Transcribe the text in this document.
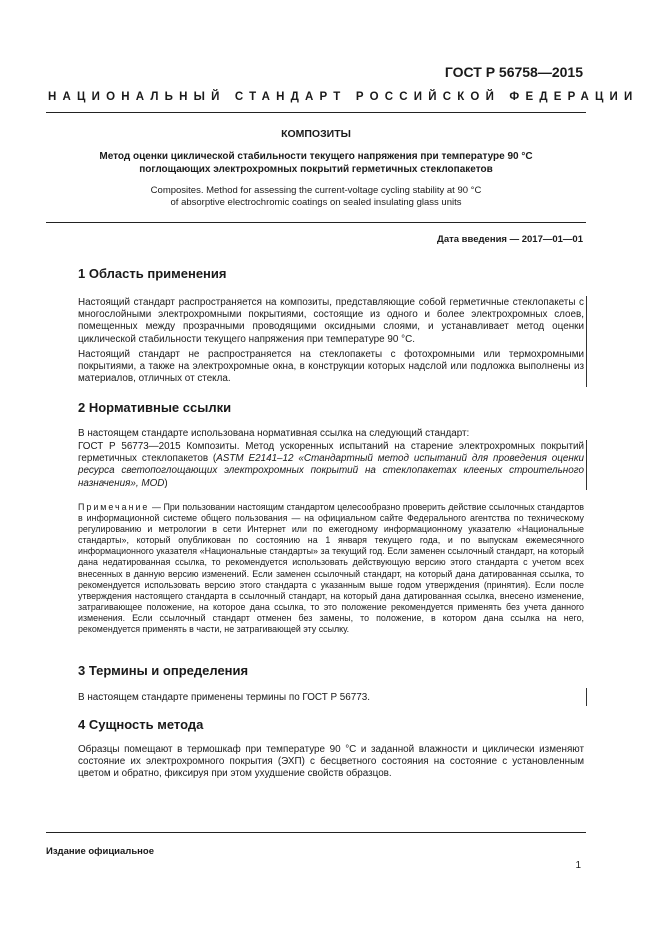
ГОСТ Р 56758—2015
НАЦИОНАЛЬНЫЙ СТАНДАРТ РОССИЙСКОЙ ФЕДЕРАЦИИ
КОМПОЗИТЫ
Метод оценки циклической стабильности текущего напряжения при температуре 90 °С
поглощающих электрохромных покрытий герметичных стеклопакетов
Composites. Method for assessing the current-voltage cycling stability at 90 °С
of absorptive electrochromic coatings on sealed insulating glass units
Дата введения — 2017—01—01
1 Область применения
Настоящий стандарт распространяется на композиты, представляющие собой герметичные стеклопакеты с многослойными электрохромными покрытиями, состоящие из одного и более электрохромных слоев, помещенных между прозрачными проводящими оксидными слоями, и устанавливает метод оценки циклической стабильности текущего напряжения при температуре 90 °С.
Настоящий стандарт не распространяется на стеклопакеты с фотохромными или термохромными покрытиями, а также на электрохромные окна, в конструкции которых надслой или подложка выполнены из материалов, отличных от стекла.
2 Нормативные ссылки
В настоящем стандарте использована нормативная ссылка на следующий стандарт:
ГОСТ Р 56773—2015 Композиты. Метод ускоренных испытаний на старение электрохромных покрытий герметичных стеклопакетов (ASTM E2141–12 «Стандартный метод испытаний для проведения оценки ресурса светопоглощающих электрохромных покрытий на стеклопакетах клееных строительного назначения», MOD)
Примечание — При пользовании настоящим стандартом целесообразно проверить действие ссылочных стандартов в информационной системе общего пользования — на официальном сайте Федерального агентства по техническому регулированию и метрологии в сети Интернет или по ежегодному информационному указателю «Национальные стандарты», который опубликован по состоянию на 1 января текущего года, и по выпускам ежемесячного информационного указателя «Национальные стандарты» за текущий год. Если заменен ссылочный стандарт, на который дана недатированная ссылка, то рекомендуется использовать действующую версию этого стандарта с учетом всех внесенных в данную версию изменений. Если заменен ссылочный стандарт, на который дана датированная ссылка, то рекомендуется использовать версию этого стандарта с указанным выше годом утверждения (принятия). Если после утверждения настоящего стандарта в ссылочный стандарт, на который дана датированная ссылка, внесено изменение, затрагивающее положение, на которое дана ссылка, то это положение рекомендуется применять без учета данного изменения. Если ссылочный стандарт отменен без замены, то положение, в котором дана ссылка на него, рекомендуется применять в части, не затрагивающей эту ссылку.
3 Термины и определения
В настоящем стандарте применены термины по ГОСТ Р 56773.
4 Сущность метода
Образцы помещают в термошкаф при температуре 90 °С и заданной влажности и циклически изменяют состояние их электрохромного покрытия (ЭХП) с бесцветного состояния на состояние с установленным цветом и обратно, фиксируя при этом ухудшение свойств образцов.
Издание официальное
1
